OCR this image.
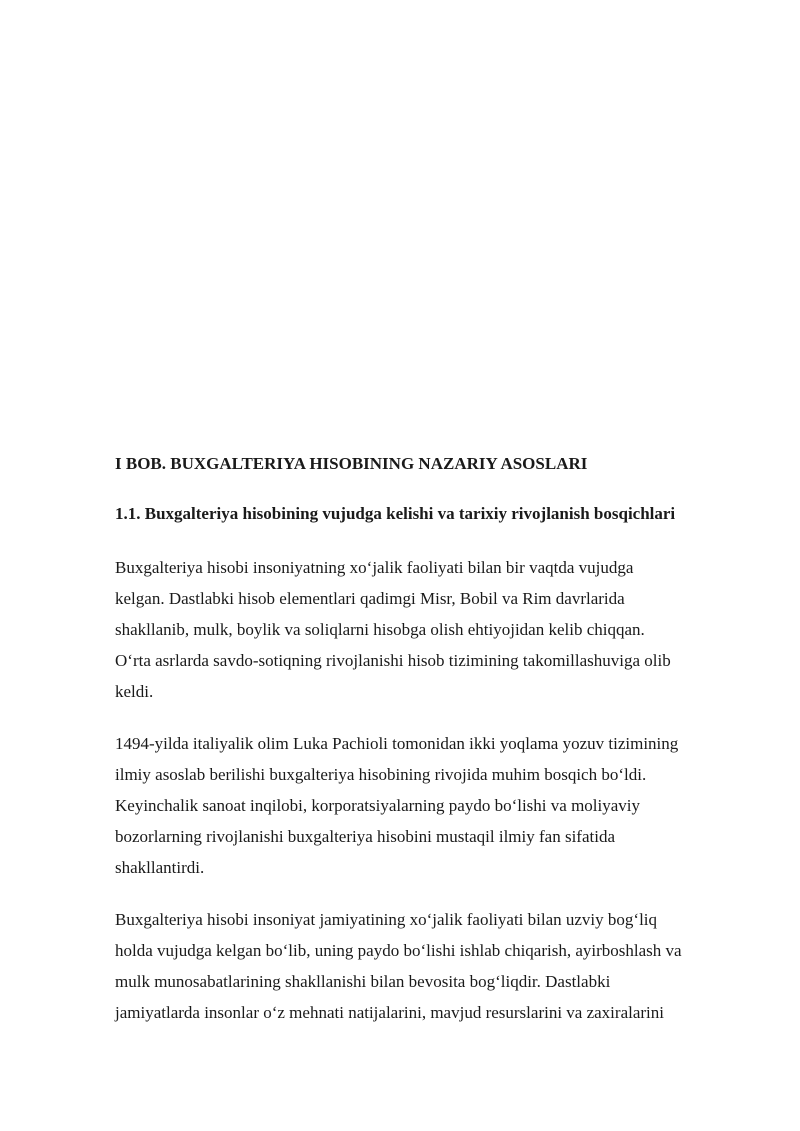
I BOB. BUXGALTERIYA HISOBINING NAZARIY ASOSLARI
1.1. Buxgalteriya hisobining vujudga kelishi va tarixiy rivojlanish bosqichlari
Buxgalteriya hisobi insoniyatning xo‘jalik faoliyati bilan bir vaqtda vujudga
kelgan. Dastlabki hisob elementlari qadimgi Misr, Bobil va Rim davrlarida
shakllanib, mulk, boylik va soliqlarni hisobga olish ehtiyojidan kelib chiqqan.
O‘rta asrlarda savdo-sotiqning rivojlanishi hisob tizimining takomillashuviga olib
keldi.
1494-yilda italiyalik olim Luka Pachioli tomonidan ikki yoqlama yozuv tizimining
ilmiy asoslab berilishi buxgalteriya hisobining rivojida muhim bosqich bo‘ldi.
Keyinchalik sanoat inqilobi, korporatsiyalarning paydo bo‘lishi va moliyaviy
bozorlarning rivojlanishi buxgalteriya hisobini mustaqil ilmiy fan sifatida
shakllantirdi.
Buxgalteriya hisobi insoniyat jamiyatining xo‘jalik faoliyati bilan uzviy bog‘liq
holda vujudga kelgan bo‘lib, uning paydo bo‘lishi ishlab chiqarish, ayirboshlash va
mulk munosabatlarining shakllanishi bilan bevosita bog‘liqdir. Dastlabki
jamiyatlarda insonlar o‘z mehnati natijalarini, mavjud resurslarini va zaxiralarini
